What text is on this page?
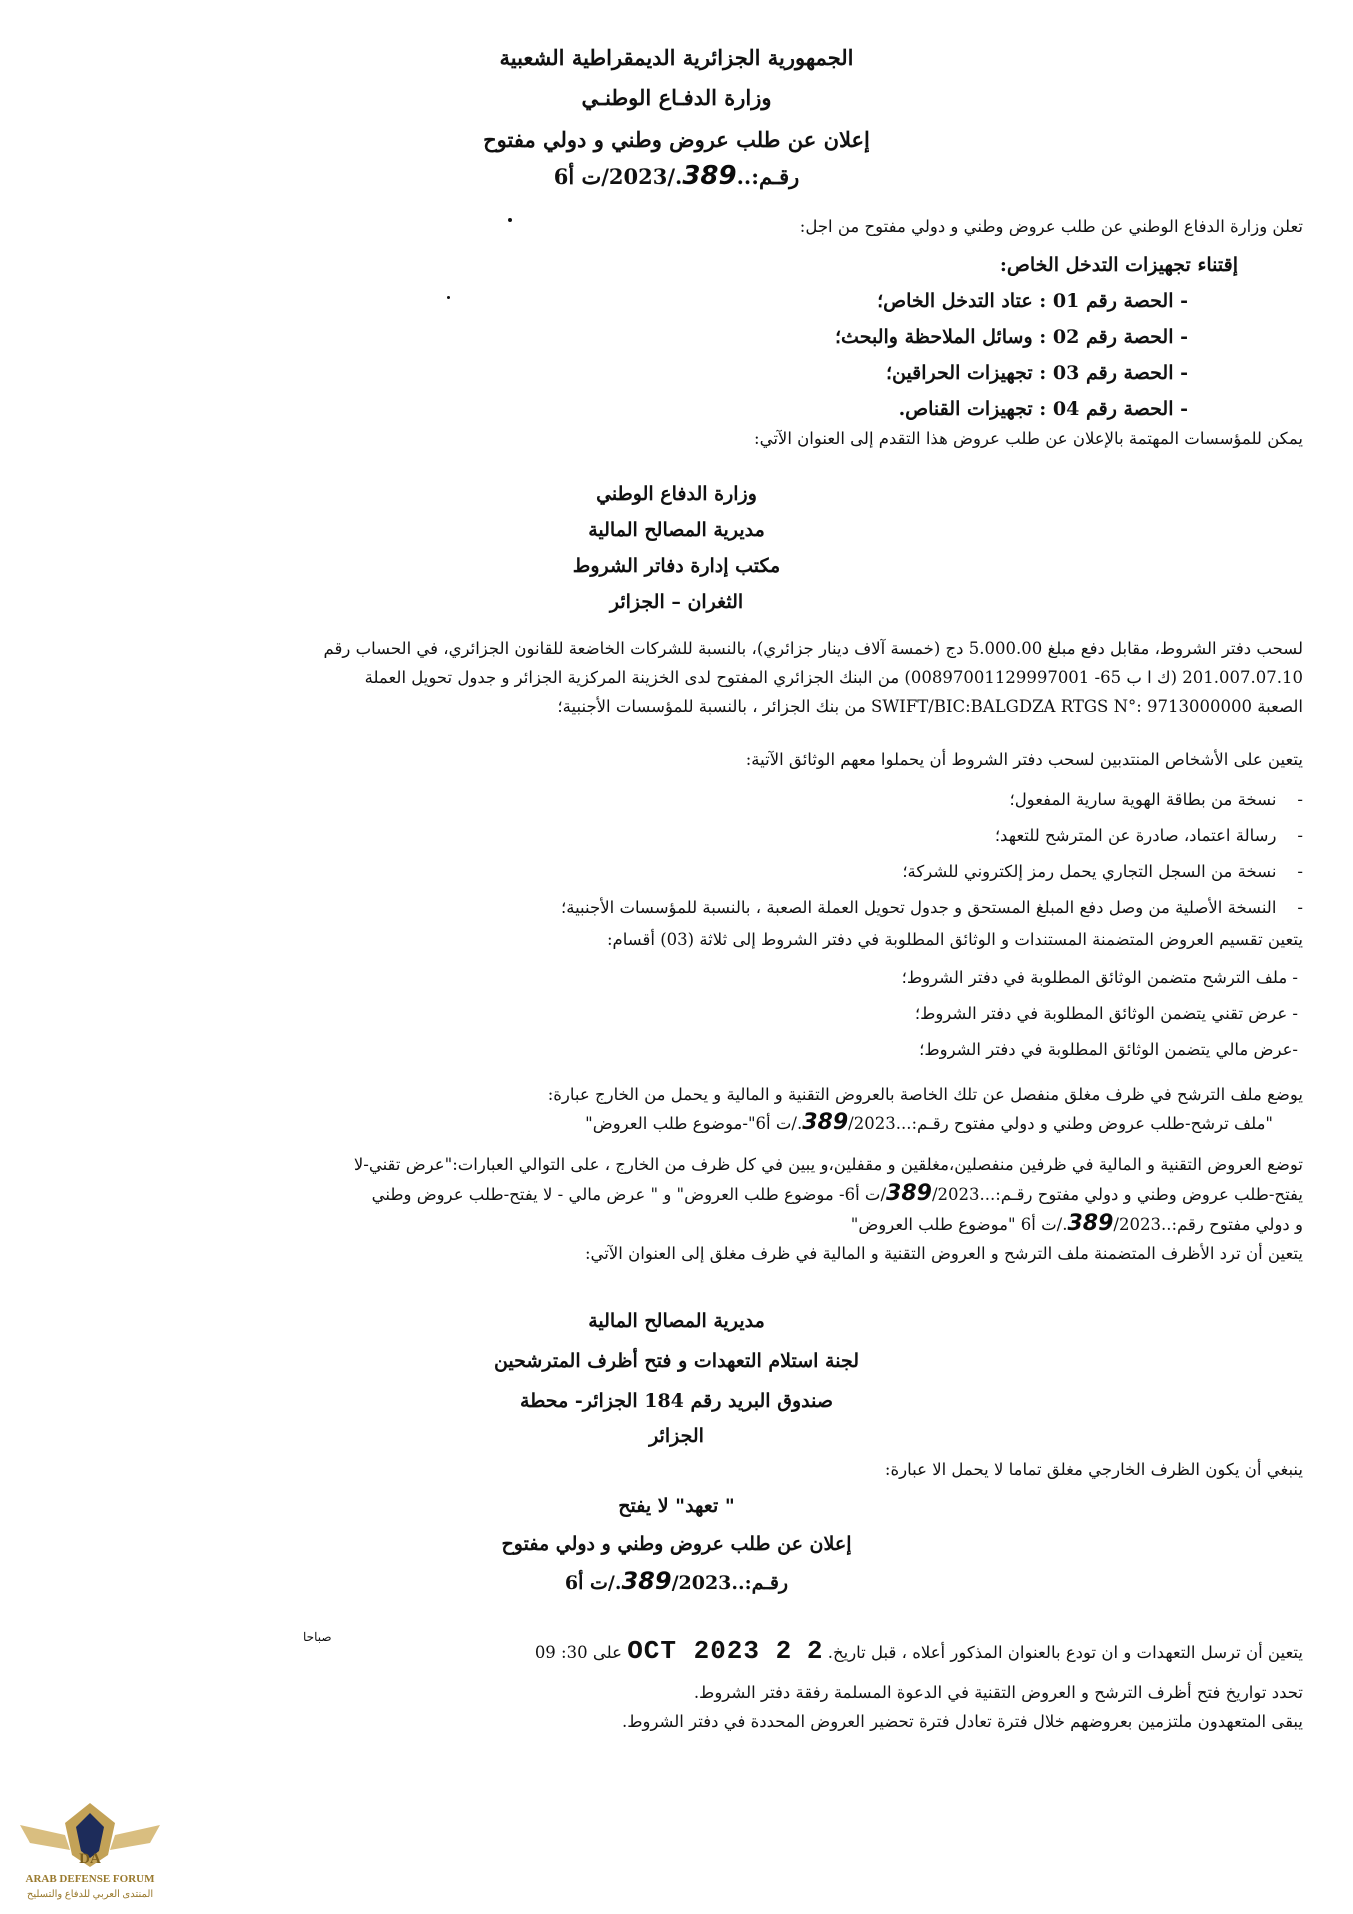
الجمهورية الجزائرية الديمقراطية الشعبية
وزارة الدفـاع الوطنـي
إعلان عن طلب عروض وطني و دولي مفتوح
رقـم:..389./2023/ت أ6
تعلن وزارة الدفاع الوطني عن طلب عروض وطني و دولي مفتوح من اجل:
إقتناء تجهيزات التدخل الخاص:
- الحصة رقم 01 : عتاد التدخل الخاص؛
- الحصة رقم 02 : وسائل الملاحظة والبحث؛
- الحصة رقم 03 : تجهيزات الحراقين؛
- الحصة رقم 04 : تجهيزات القناص.
يمكن للمؤسسات المهتمة بالإعلان عن طلب عروض هذا التقدم إلى العنوان الآتي:
وزارة الدفاع الوطني
مديرية المصالح المالية
مكتب إدارة دفاتر الشروط
الثغران – الجزائر
لسحب دفتر الشروط، مقابل دفع مبلغ 5.000.00 دج (خمسة آلاف دينار جزائري)، بالنسبة للشركات الخاضعة للقانون الجزائري، في الحساب رقم
201.007.07.10 (ك ا ب 65- 00897001129997001) من البنك الجزائري المفتوح لدى الخزينة المركزية الجزائر و جدول تحويل العملة
الصعبة SWIFT/BIC:BALGDZA RTGS N°: 9713000000 من بنك الجزائر ، بالنسبة للمؤسسات الأجنبية؛
يتعين على الأشخاص المنتدبين لسحب دفتر الشروط أن يحملوا معهم الوثائق الآتية:
-    نسخة من بطاقة الهوية سارية المفعول؛
-    رسالة اعتماد، صادرة عن المترشح للتعهد؛
-    نسخة من السجل التجاري يحمل رمز إلكتروني للشركة؛
-    النسخة الأصلية من وصل دفع المبلغ المستحق و جدول تحويل العملة الصعبة ، بالنسبة للمؤسسات الأجنبية؛
يتعين تقسيم العروض المتضمنة المستندات و الوثائق المطلوبة في دفتر الشروط إلى ثلاثة (03) أقسام:
- ملف الترشح متضمن الوثائق المطلوبة في دفتر الشروط؛
- عرض تقني يتضمن الوثائق المطلوبة في دفتر الشروط؛
-عرض مالي يتضمن الوثائق المطلوبة في دفتر الشروط؛
يوضع ملف الترشح في ظرف مغلق منفصل عن تلك الخاصة بالعروض التقنية و المالية و يحمل من الخارج عبارة:
"ملف ترشح-طلب عروض وطني و دولي مفتوح رقـم:...389/2023./ت أ6"-موضوع طلب العروض"
توضع العروض التقنية و المالية في ظرفين منفصلين،مغلقين و مقفلين،و يبين في كل ظرف من الخارج ، على التوالي العبارات:"عرض تقني-لا
يفتح-طلب عروض وطني و دولي مفتوح رقـم:...389/2023/ت أ6- موضوع طلب العروض" و " عرض مالي - لا يفتح-طلب عروض وطني
و دولي مفتوح رقم:..389/2023./ت أ6 "موضوع طلب العروض"
يتعين أن ترد الأظرف المتضمنة ملف الترشح و العروض التقنية و المالية في ظرف مغلق إلى العنوان الآتي:
مديرية المصالح المالية
لجنة استلام التعهدات و فتح أظرف المترشحين
صندوق البريد رقم 184 الجزائر- محطة
الجزائر
ينبغي أن يكون الظرف الخارجي مغلق تماما لا يحمل الا عبارة:
" تعهد" لا يفتح
إعلان عن طلب عروض وطني و دولي مفتوح
رقـم:..389/2023./ت أ6
يتعين أن ترسل التعهدات و ان تودع بالعنوان المذكور أعلاه ، قبل تاريخ. 2 2 OCT 2023 على 30: 09
صباحا
تحدد تواريخ فتح أظرف الترشح و العروض التقنية في الدعوة المسلمة رفقة دفتر الشروط.
يبقى المتعهدون ملتزمين بعروضهم خلال فترة تعادل فترة تحضير العروض المحددة في دفتر الشروط.
DA
ARAB DEFENSE FORUM
المنتدى العربي للدفاع والتسليح
